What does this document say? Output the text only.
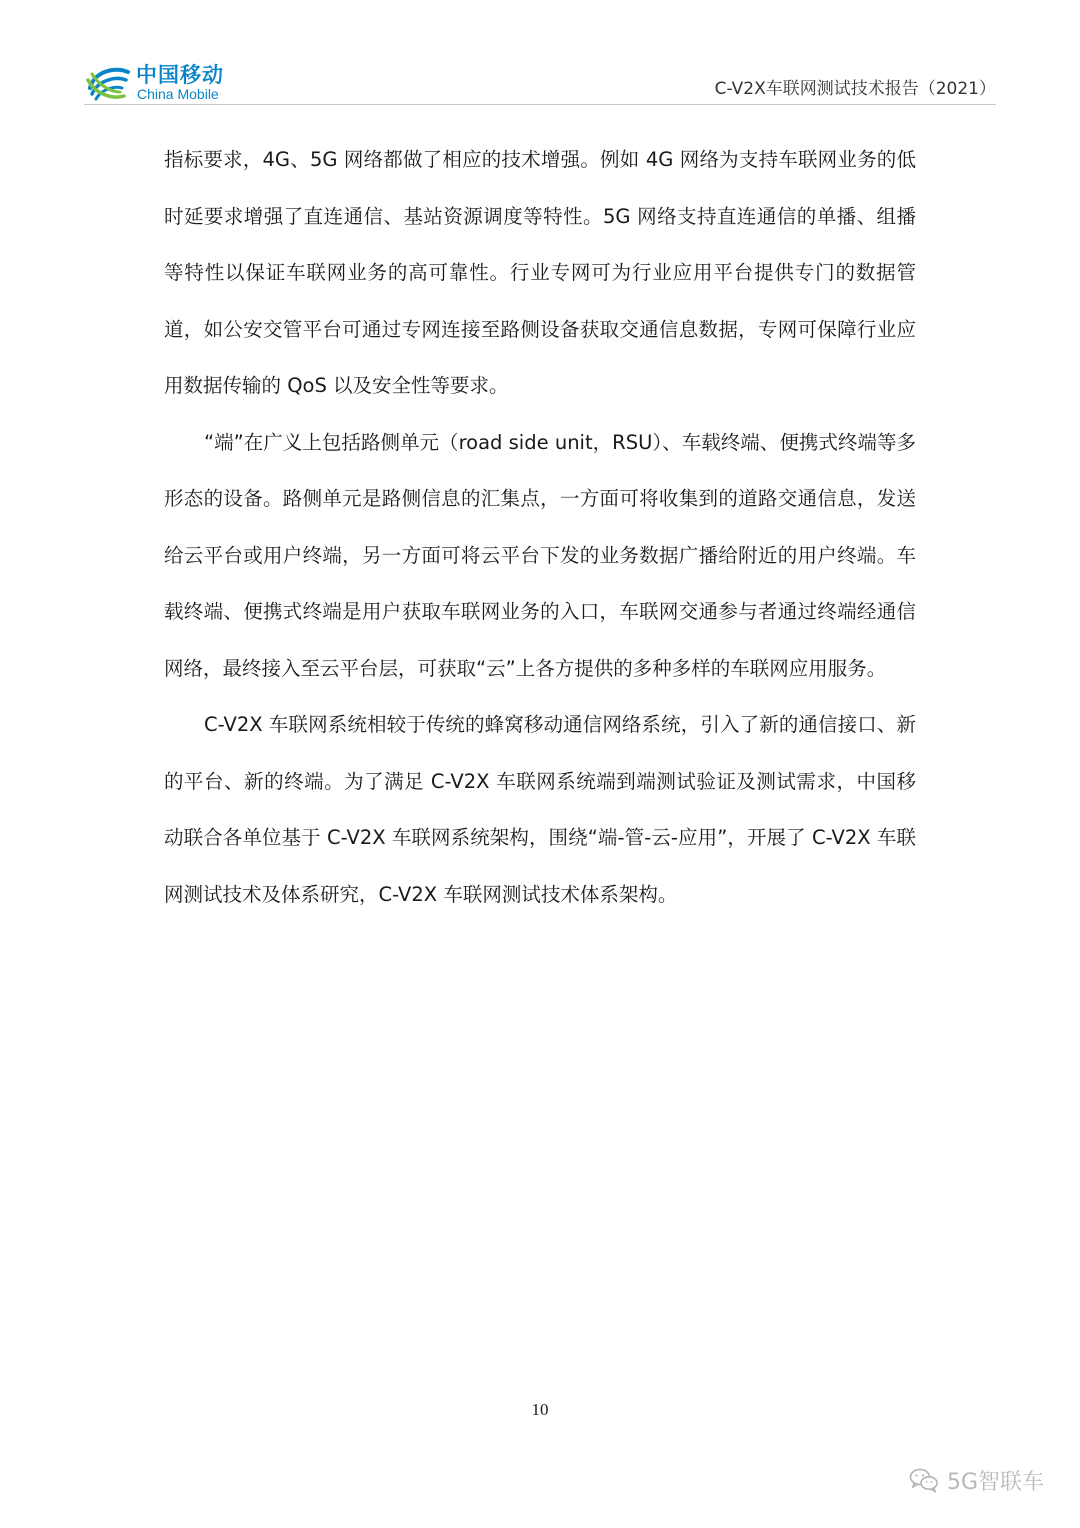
中国移动
China Mobile	C-V2X车联网测试技术报告（2021）

指标要求，4G、5G 网络都做了相应的技术增强。例如 4G 网络为支持车联网业务的低时延要求增强了直连通信、基站资源调度等特性。5G 网络支持直连通信的单播、组播等特性以保证车联网业务的高可靠性。行业专网可为行业应用平台提供专门的数据管道，如公安交管平台可通过专网连接至路侧设备获取交通信息数据，专网可保障行业应用数据传输的 QoS 以及安全性等要求。

“端”在广义上包括路侧单元（road side unit，RSU）、车载终端、便携式终端等多形态的设备。路侧单元是路侧信息的汇集点，一方面可将收集到的道路交通信息，发送给云平台或用户终端，另一方面可将云平台下发的业务数据广播给附近的用户终端。车载终端、便携式终端是用户获取车联网业务的入口，车联网交通参与者通过终端经通信网络，最终接入至云平台层，可获取“云”上各方提供的多种多样的车联网应用服务。

C-V2X 车联网系统相较于传统的蜂窝移动通信网络系统，引入了新的通信接口、新的平台、新的终端。为了满足 C-V2X 车联网系统端到端测试验证及测试需求，中国移动联合各单位基于 C-V2X 车联网系统架构，围绕“端-管-云-应用”，开展了 C-V2X 车联网测试技术及体系研究，C-V2X 车联网测试技术体系架构。

10
5G智联车
